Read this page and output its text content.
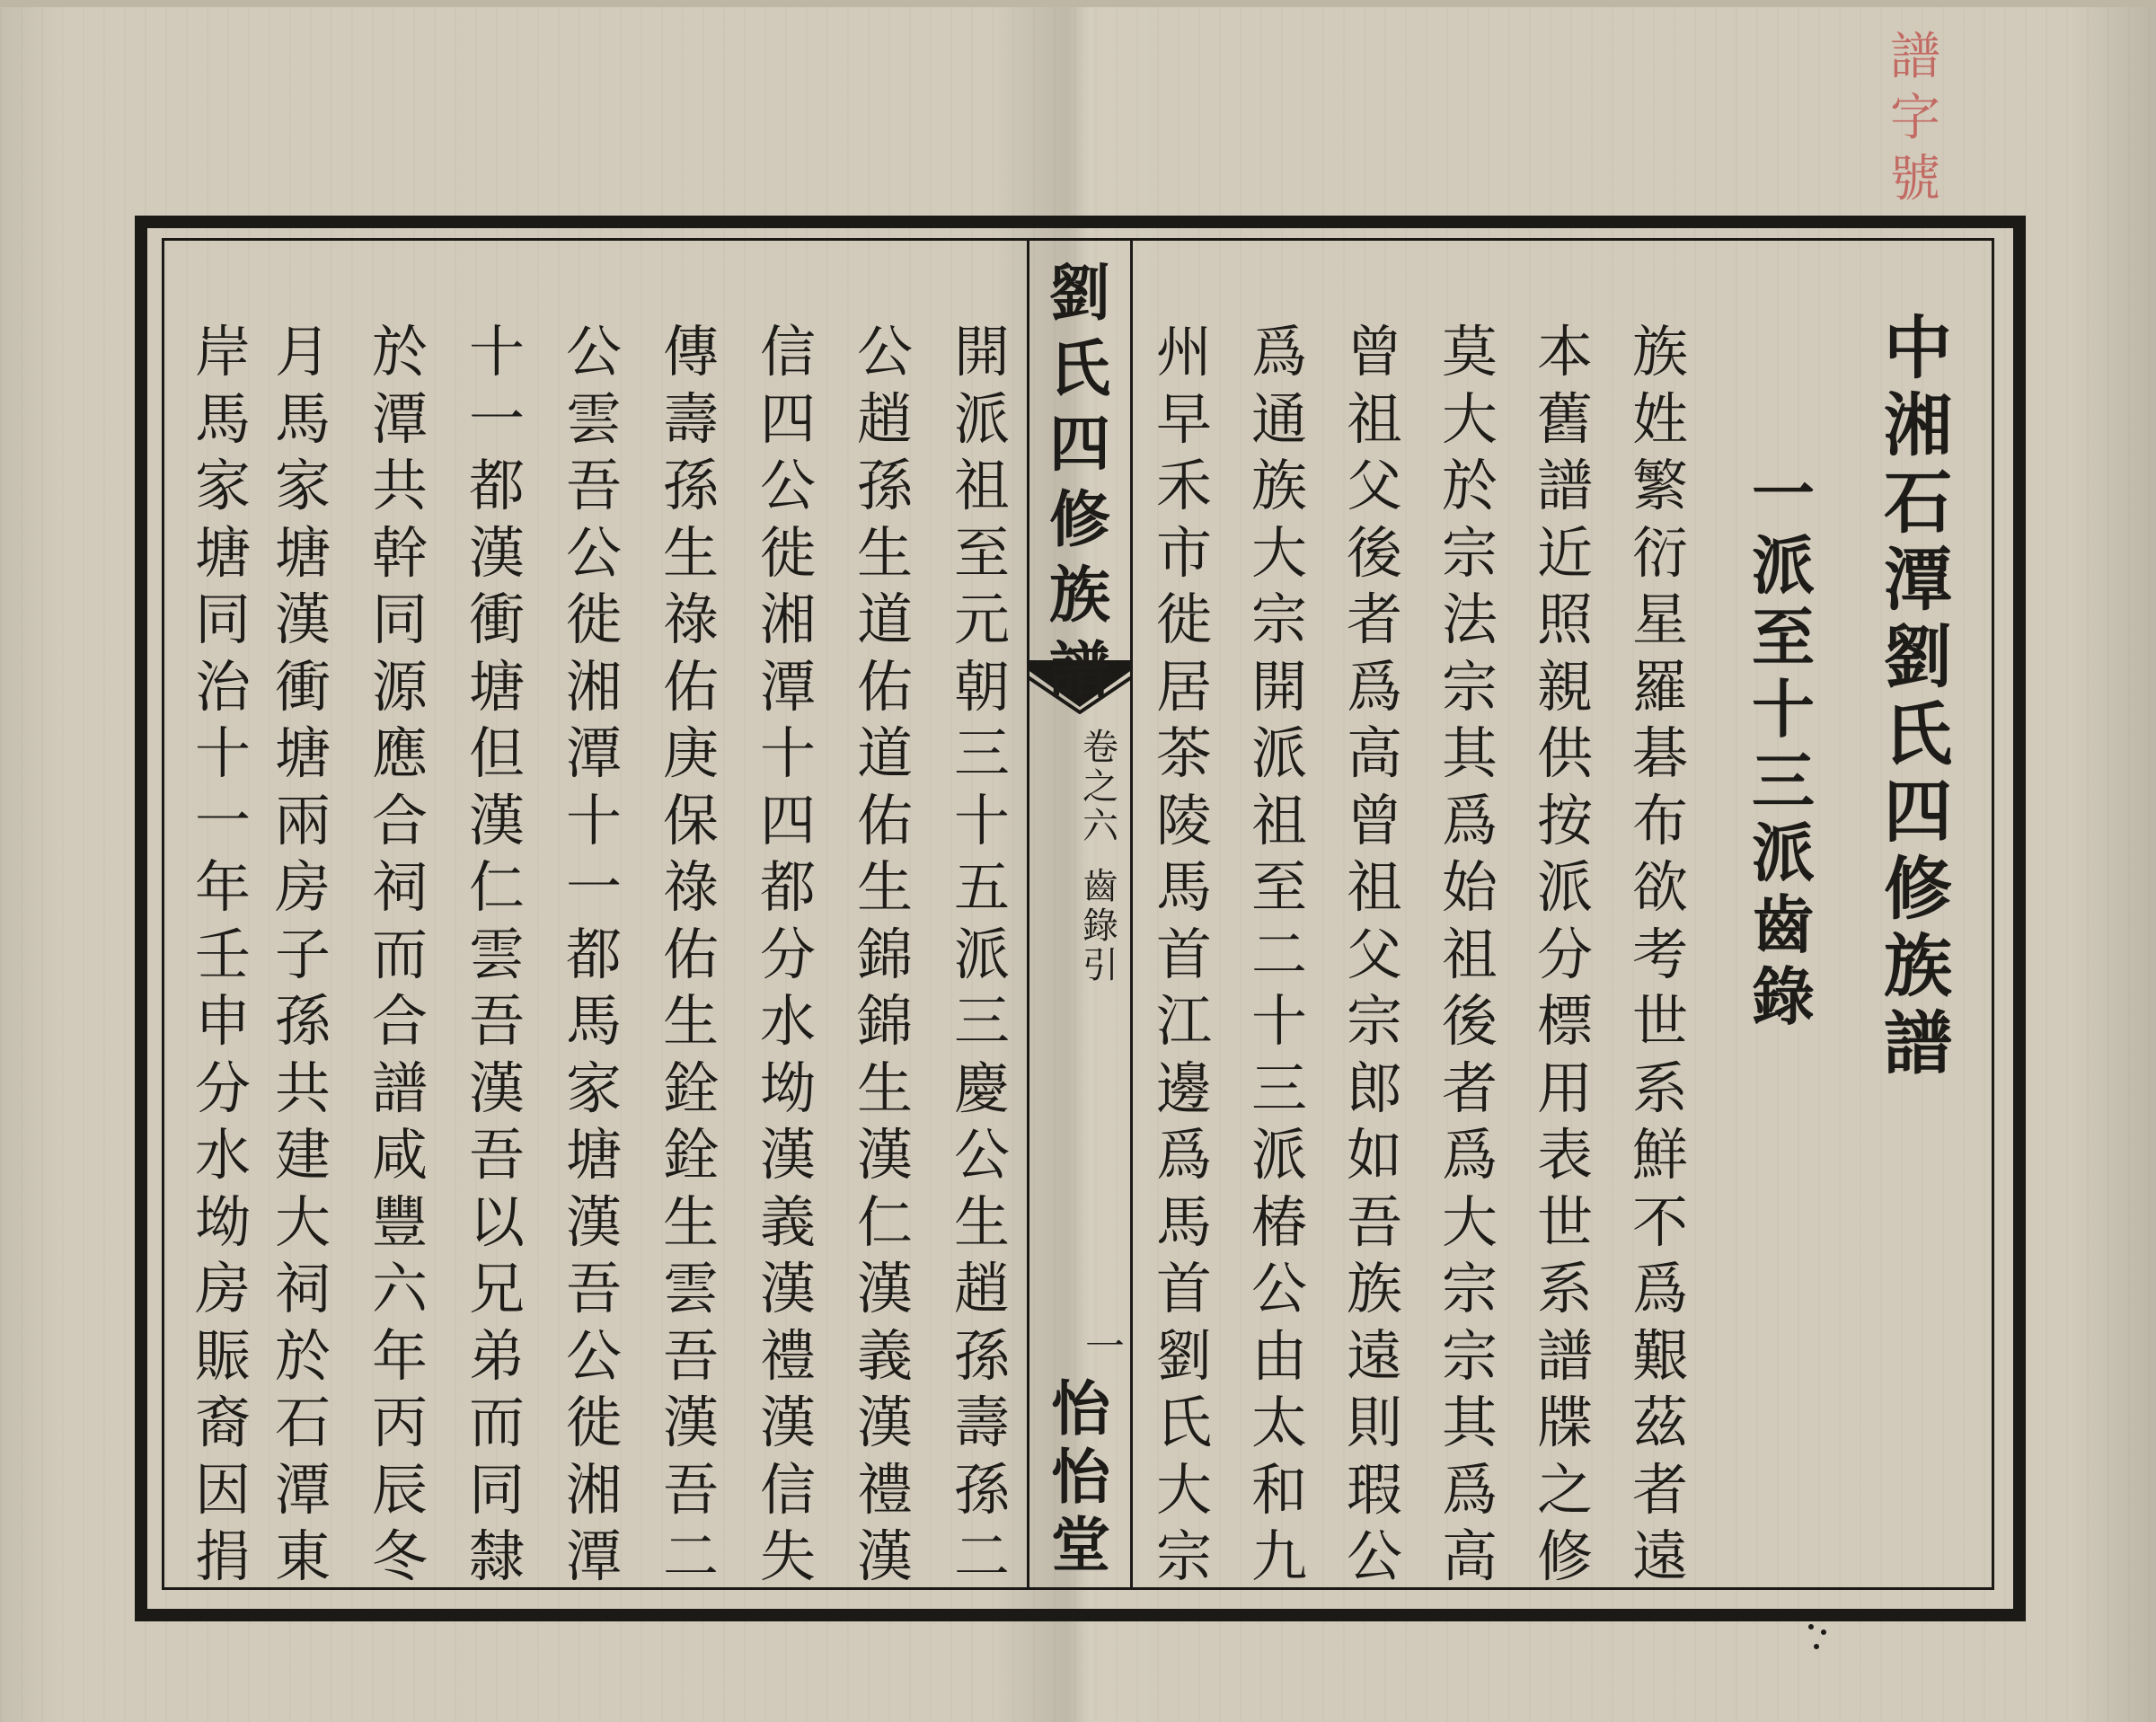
譜
字
號
中
湘
石
潭
劉
氏
四
修
族
譜
一
派
至
十
三
派
齒
錄
族
姓
繁
衍
星
羅
碁
布
欲
考
世
系
鮮
不
爲
艱
茲
者
遠
本
舊
譜
近
照
親
供
按
派
分
標
用
表
世
系
譜
牒
之
修
莫
大
於
宗
法
宗
其
爲
始
祖
後
者
爲
大
宗
宗
其
爲
高
曾
祖
父
後
者
爲
高
曾
祖
父
宗
郎
如
吾
族
遠
則
瑕
公
爲
通
族
大
宗
開
派
祖
至
二
十
三
派
椿
公
由
太
和
九
州
早
禾
市
徙
居
茶
陵
馬
首
江
邊
爲
馬
首
劉
氏
大
宗
劉
氏
四
修
族
譜
卷
之
六
齒
錄
引
一
怡
怡
堂
開
派
祖
至
元
朝
三
十
五
派
三
慶
公
生
趙
孫
壽
孫
二
公
趙
孫
生
道
佑
道
佑
生
錦
錦
生
漢
仁
漢
義
漢
禮
漢
信
四
公
徙
湘
潭
十
四
都
分
水
坳
漢
義
漢
禮
漢
信
失
傳
壽
孫
生
祿
佑
庚
保
祿
佑
生
銓
銓
生
雲
吾
漢
吾
二
公
雲
吾
公
徙
湘
潭
十
一
都
馬
家
塘
漢
吾
公
徙
湘
潭
十
一
都
漢
衝
塘
但
漢
仁
雲
吾
漢
吾
以
兄
弟
而
同
隸
於
潭
共
幹
同
源
應
合
祠
而
合
譜
咸
豐
六
年
丙
辰
冬
月
馬
家
塘
漢
衝
塘
兩
房
子
孫
共
建
大
祠
於
石
潭
東
岸
馬
家
塘
同
治
十
一
年
壬
申
分
水
坳
房
賑
裔
因
捐
